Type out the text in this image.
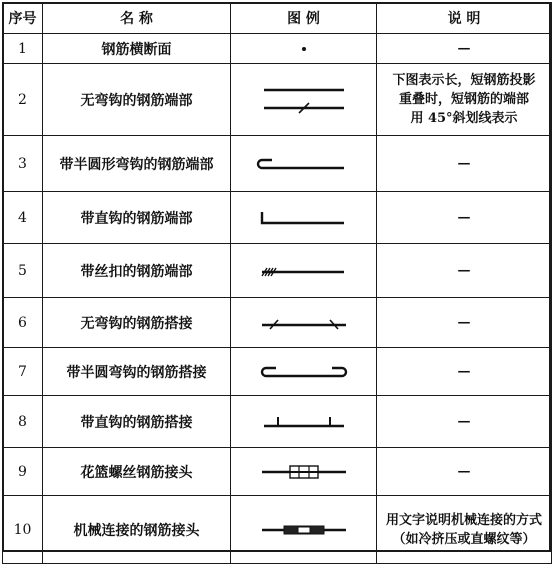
序号	名 称	图 例	说 明
1	钢筋横断面		—
2	无弯钩的钢筋端部		下图表示长，短钢筋投影
重叠时，短钢筋的端部
用 45°斜划线表示

3	带半圆形弯钩的钢筋端部		—
4	带直钩的钢筋端部		—
5	带丝扣的钢筋端部		—
6	无弯钩的钢筋搭接		—
7	带半圆弯钩的钢筋搭接		—
8	带直钩的钢筋搭接		—
9	花篮螺丝钢筋接头		—
10	机械连接的钢筋接头		用文字说明机械连接的方式
（如冷挤压或直螺纹等）
